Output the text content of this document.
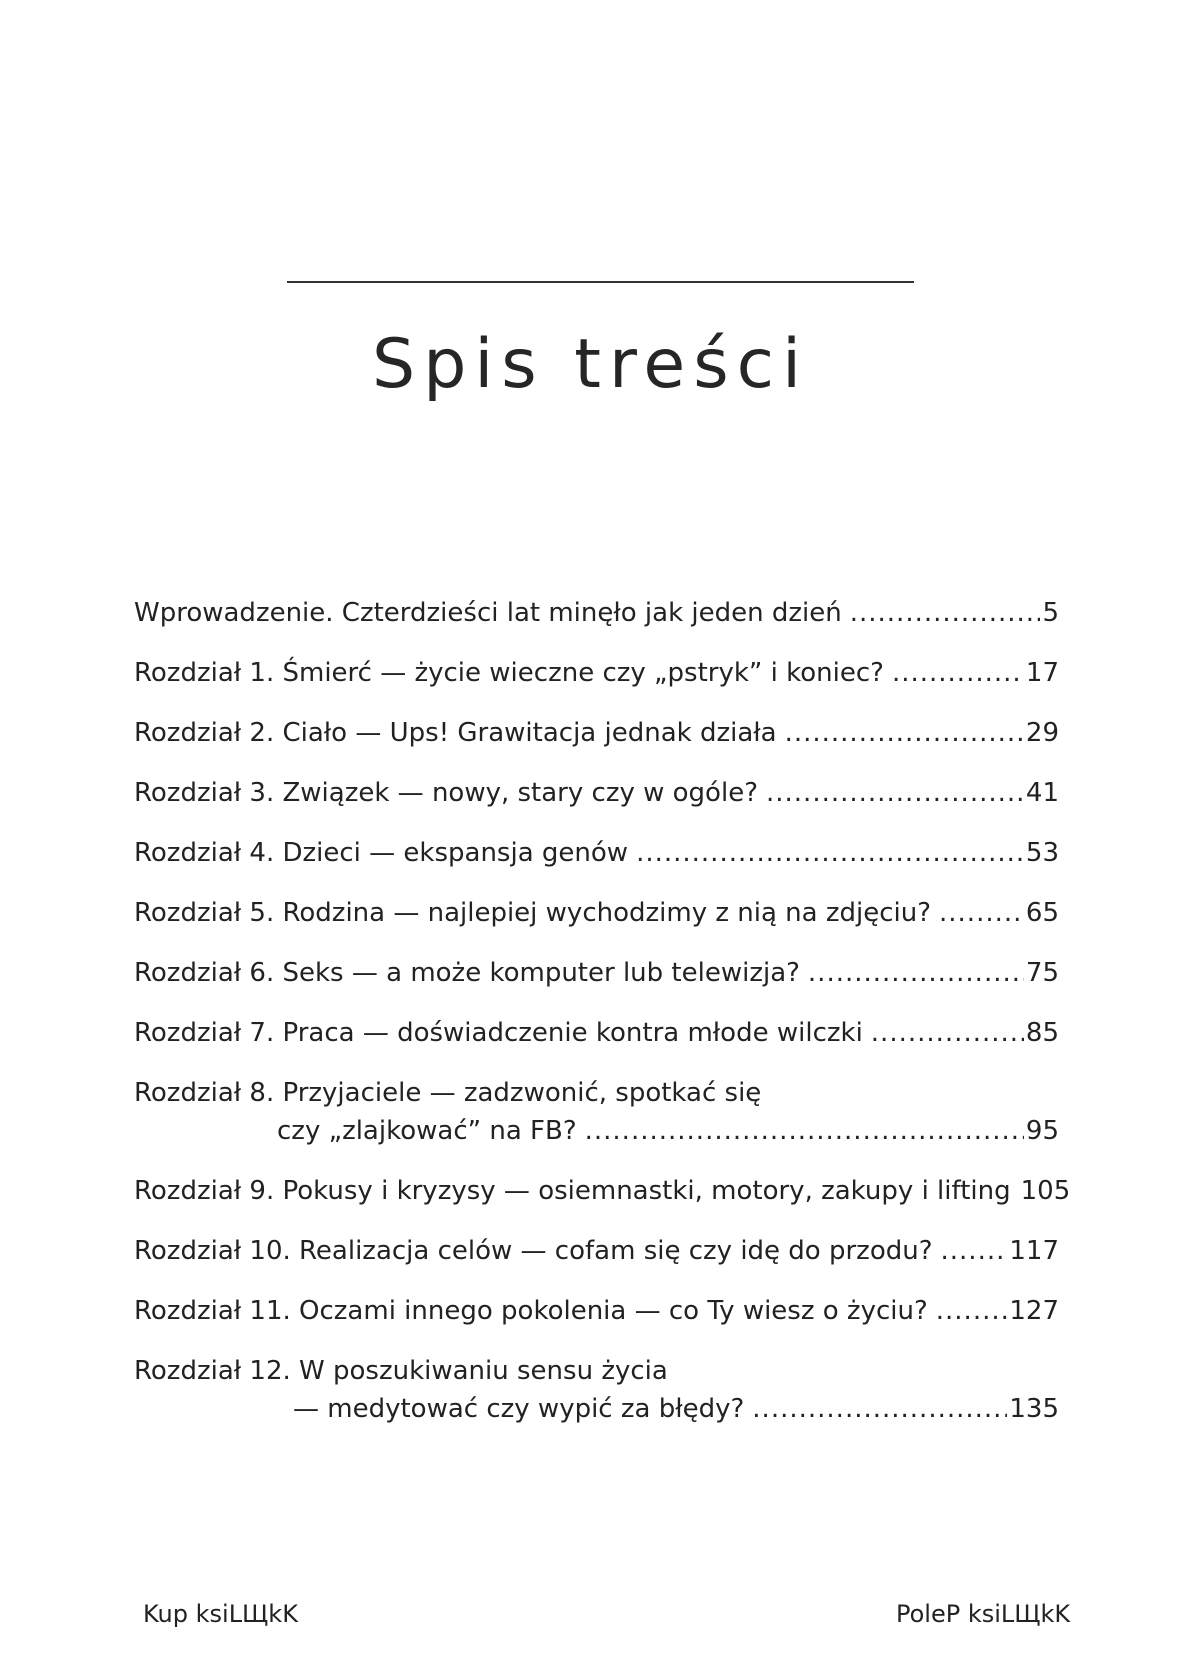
Spis treści
Wprowadzenie. Czterdzieści lat minęło jak jeden dzień .....	5
Rozdział 1. Śmierć — życie wieczne czy „pstryk” i koniec? .....	17
Rozdział 2. Ciało — Ups! Grawitacja jednak działa .....	29
Rozdział 3. Związek — nowy, stary czy w ogóle? .....	41
Rozdział 4. Dzieci — ekspansja genów .....	53
Rozdział 5. Rodzina — najlepiej wychodzimy z nią na zdjęciu? .....	65
Rozdział 6. Seks — a może komputer lub telewizja? .....	75
Rozdział 7. Praca — doświadczenie kontra młode wilczki .....	85
Rozdział 8. Przyjaciele — zadzwonić, spotkać się
czy „zlajkować” na FB? .....	95
Rozdział 9. Pokusy i kryzysy — osiemnastki, motory, zakupy i lifting 105
Rozdział 10. Realizacja celów — cofam się czy idę do przodu? .....	117
Rozdział 11. Oczami innego pokolenia — co Ty wiesz o życiu? .....	127
Rozdział 12. W poszukiwaniu sensu życia
— medytować czy wypić za błędy? .....	135
Kup ksiLЩkK	PoleP ksiLЩkK
